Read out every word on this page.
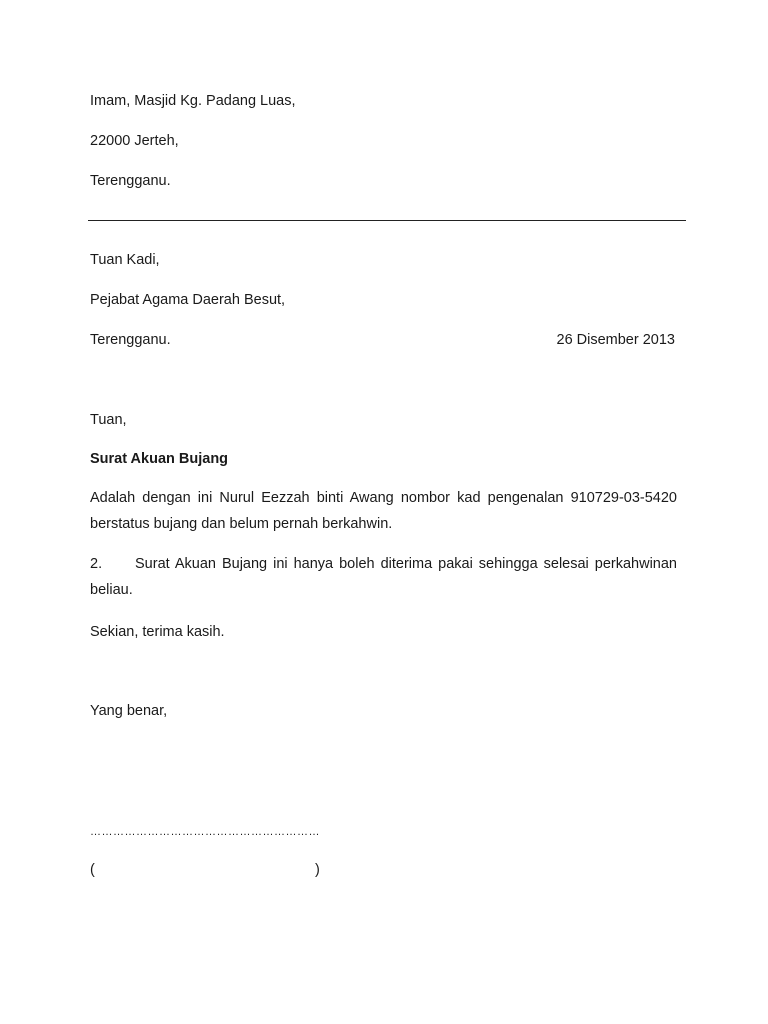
Imam, Masjid Kg. Padang Luas,
22000 Jerteh,
Terengganu.
Tuan Kadi,
Pejabat Agama Daerah Besut,
Terengganu.	26 Disember 2013
Tuan,
Surat Akuan Bujang
Adalah dengan ini Nurul Eezzah binti Awang nombor kad pengenalan 910729-03-5420 berstatus bujang dan belum pernah berkahwin.
2. Surat Akuan Bujang ini hanya boleh diterima pakai sehingga selesai perkahwinan beliau.
Sekian, terima kasih.
Yang benar,
……………………………………………………
(	)
